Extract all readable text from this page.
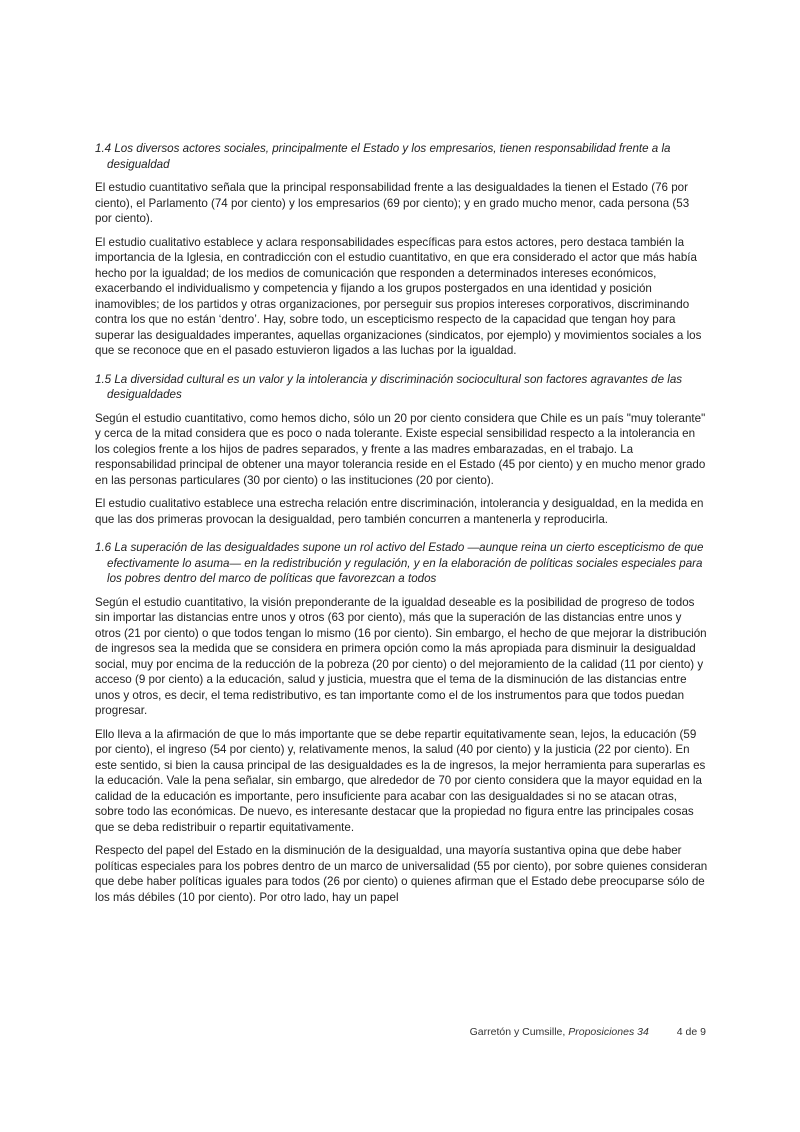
1.4 Los diversos actores sociales, principalmente el Estado y los empresarios, tienen responsabilidad frente a la desigualdad

El estudio cuantitativo señala que la principal responsabilidad frente a las desigualdades la tienen el Estado (76 por ciento), el Parlamento (74 por ciento) y los empresarios (69 por ciento); y en grado mucho menor, cada persona (53 por ciento).

El estudio cualitativo establece y aclara responsabilidades específicas para estos actores, pero destaca también la importancia de la Iglesia, en contradicción con el estudio cuantitativo, en que era considerado el actor que más había hecho por la igualdad; de los medios de comunicación que responden a determinados intereses económicos, exacerbando el individualismo y competencia y fijando a los grupos postergados en una identidad y posición inamovibles; de los partidos y otras organizaciones, por perseguir sus propios intereses corporativos, discriminando contra los que no están ‘dentro’. Hay, sobre todo, un escepticismo respecto de la capacidad que tengan hoy para superar las desigualdades imperantes, aquellas organizaciones (sindicatos, por ejemplo) y movimientos sociales a los que se reconoce que en el pasado estuvieron ligados a las luchas por la igualdad.

1.5 La diversidad cultural es un valor y la intolerancia y discriminación sociocultural son factores agravantes de las desigualdades

Según el estudio cuantitativo, como hemos dicho, sólo un 20 por ciento considera que Chile es un país "muy tolerante" y cerca de la mitad considera que es poco o nada tolerante. Existe especial sensibilidad respecto a la intolerancia en los colegios frente a los hijos de padres separados, y frente a las madres embarazadas, en el trabajo. La responsabilidad principal de obtener una mayor tolerancia reside en el Estado (45 por ciento) y en mucho menor grado en las personas particulares (30 por ciento) o las instituciones (20 por ciento).

El estudio cualitativo establece una estrecha relación entre discriminación, intolerancia y desigualdad, en la medida en que las dos primeras provocan la desigualdad, pero también concurren a mantenerla y reproducirla.

1.6 La superación de las desigualdades supone un rol activo del Estado —aunque reina un cierto escepticismo de que efectivamente lo asuma— en la redistribución y regulación, y en la elaboración de políticas sociales especiales para los pobres dentro del marco de políticas que favorezcan a todos

Según el estudio cuantitativo, la visión preponderante de la igualdad deseable es la posibilidad de progreso de todos sin importar las distancias entre unos y otros (63 por ciento), más que la superación de las distancias entre unos y otros (21 por ciento) o que todos tengan lo mismo (16 por ciento). Sin embargo, el hecho de que mejorar la distribución de ingresos sea la medida que se considera en primera opción como la más apropiada para disminuir la desigualdad social, muy por encima de la reducción de la pobreza (20 por ciento) o del mejoramiento de la calidad (11 por ciento) y acceso (9 por ciento) a la educación, salud y justicia, muestra que el tema de la disminución de las distancias entre unos y otros, es decir, el tema redistributivo, es tan importante como el de los instrumentos para que todos puedan progresar.

Ello lleva a la afirmación de que lo más importante que se debe repartir equitativamente sean, lejos, la educación (59 por ciento), el ingreso (54 por ciento) y, relativamente menos, la salud (40 por ciento) y la justicia (22 por ciento). En este sentido, si bien la causa principal de las desigualdades es la de ingresos, la mejor herramienta para superarlas es la educación. Vale la pena señalar, sin embargo, que alrededor de 70 por ciento considera que la mayor equidad en la calidad de la educación es importante, pero insuficiente para acabar con las desigualdades si no se atacan otras, sobre todo las económicas. De nuevo, es interesante destacar que la propiedad no figura entre las principales cosas que se deba redistribuir o repartir equitativamente.

Respecto del papel del Estado en la disminución de la desigualdad, una mayoría sustantiva opina que debe haber políticas especiales para los pobres dentro de un marco de universalidad (55 por ciento), por sobre quienes consideran que debe haber políticas iguales para todos (26 por ciento) o quienes afirman que el Estado debe preocuparse sólo de los más débiles (10 por ciento). Por otro lado, hay un papel

Garretón y Cumsille, Proposiciones 34	4 de 9
